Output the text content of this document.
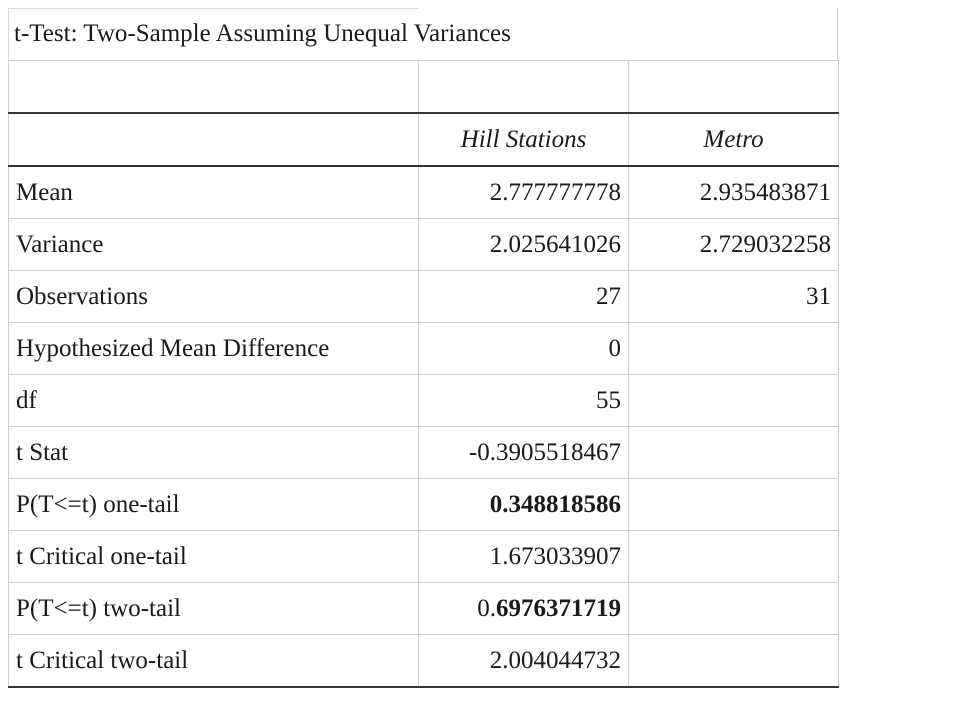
t-Test: Two-Sample Assuming Unequal Variances

	Hill Stations	Metro
Mean	2.777777778	2.935483871
Variance	2.025641026	2.729032258
Observations	27	31
Hypothesized Mean Difference	0	
df	55	
t Stat	-0.3905518467	
P(T<=t) one-tail	0.348818586	
t Critical one-tail	1.673033907	
P(T<=t) two-tail	0.6976371719	
t Critical two-tail	2.004044732	
